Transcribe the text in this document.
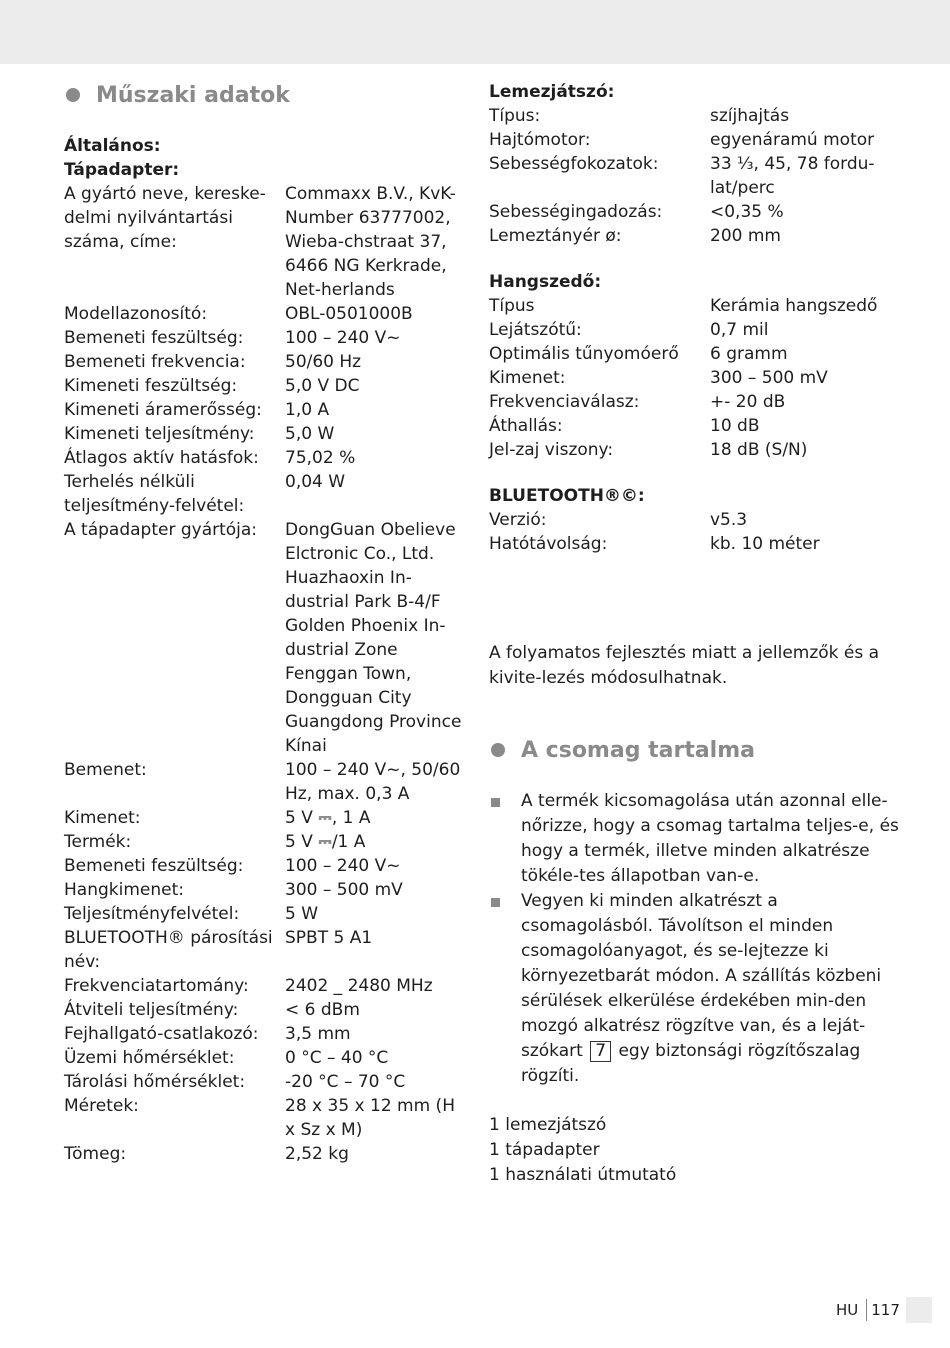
Műszaki adatok
Általános:
Tápadapter:
A gyártó neve, kereske-delmi nyilvántartási száma, címe:
Commaxx B.V., KvK-Number 63777002, Wieba-chstraat 37, 6466 NG Kerkrade, Net-herlands
Modellazonosító:	OBL-0501000B
Bemeneti feszültség:	100 – 240 V~
Bemeneti frekvencia:	50/60 Hz
Kimeneti feszültség:	5,0 V DC
Kimeneti áramerősség:	1,0 A
Kimeneti teljesítmény:	5,0 W
Átlagos aktív hatásfok:	75,02 %
Terhelés nélküli teljesítmény-felvétel:
0,04 W
A tápadapter gyártója:	DongGuan Obelieve Elctronic Co., Ltd. Huazhaoxin In-dustrial Park B-4/F Golden Phoenix In-dustrial Zone Fenggan Town, Dongguan City Guangdong Province Kínai
Bemenet:	100 – 240 V~, 50/60 Hz, max. 0,3 A
Kimenet:	5 V ⎓, 1 A
Termék:	5 V ⎓/1 A
Bemeneti feszültség:	100 – 240 V~
Hangkimenet:	300 – 500 mV
Teljesítményfelvétel:	5 W
BLUETOOTH® párosítási név:
SPBT 5 A1
Frekvenciatartomány:	2402 _ 2480 MHz
Átviteli teljesítmény:	< 6 dBm
Fejhallgató-csatlakozó:	3,5 mm
Üzemi hőmérséklet:	0 °C – 40 °C
Tárolási hőmérséklet:	-20 °C – 70 °C
Méretek:	28 x 35 x 12 mm (H x Sz x M)
Tömeg:	2,52 kg
Lemezjátszó:
Típus:	szíjhajtás
Hajtómotor:	egyenáramú motor
Sebességfokozatok:	33 ⅓, 45, 78 fordu-lat/perc
Sebességingadozás:	<0,35 %
Lemeztányér ø:	200 mm
Hangszedő:
Típus	Kerámia hangszedő
Lejátszótű:	0,7 mil
Optimális tűnyomóerő	6 gramm
Kimenet:	300 – 500 mV
Frekvenciaválasz:	+- 20 dB
Áthallás:	10 dB
Jel-zaj viszony:	18 dB (S/N)
BLUETOOTH®©:
Verzió:	v5.3
Hatótávolság:	kb. 10 méter

A folyamatos fejlesztés miatt a jellemzők és a kivite-lezés módosulhatnak.

A csomag tartalma
A termék kicsomagolása után azonnal elle-nőrizze, hogy a csomag tartalma teljes-e, és hogy a termék, illetve minden alkatrésze tökéle-tes állapotban van-e.
Vegyen ki minden alkatrészt a csomagolásból. Távolítson el minden csomagolóanyagot, és se-lejtezze ki környezetbarát módon. A szállítás közbeni sérülések elkerülése érdekében min-den mozgó alkatrész rögzítve van, és a leját-szókart 7 egy biztonsági rögzítőszalag rögzíti.
1 lemezjátszó
1 tápadapter
1 használati útmutató
HU 117
